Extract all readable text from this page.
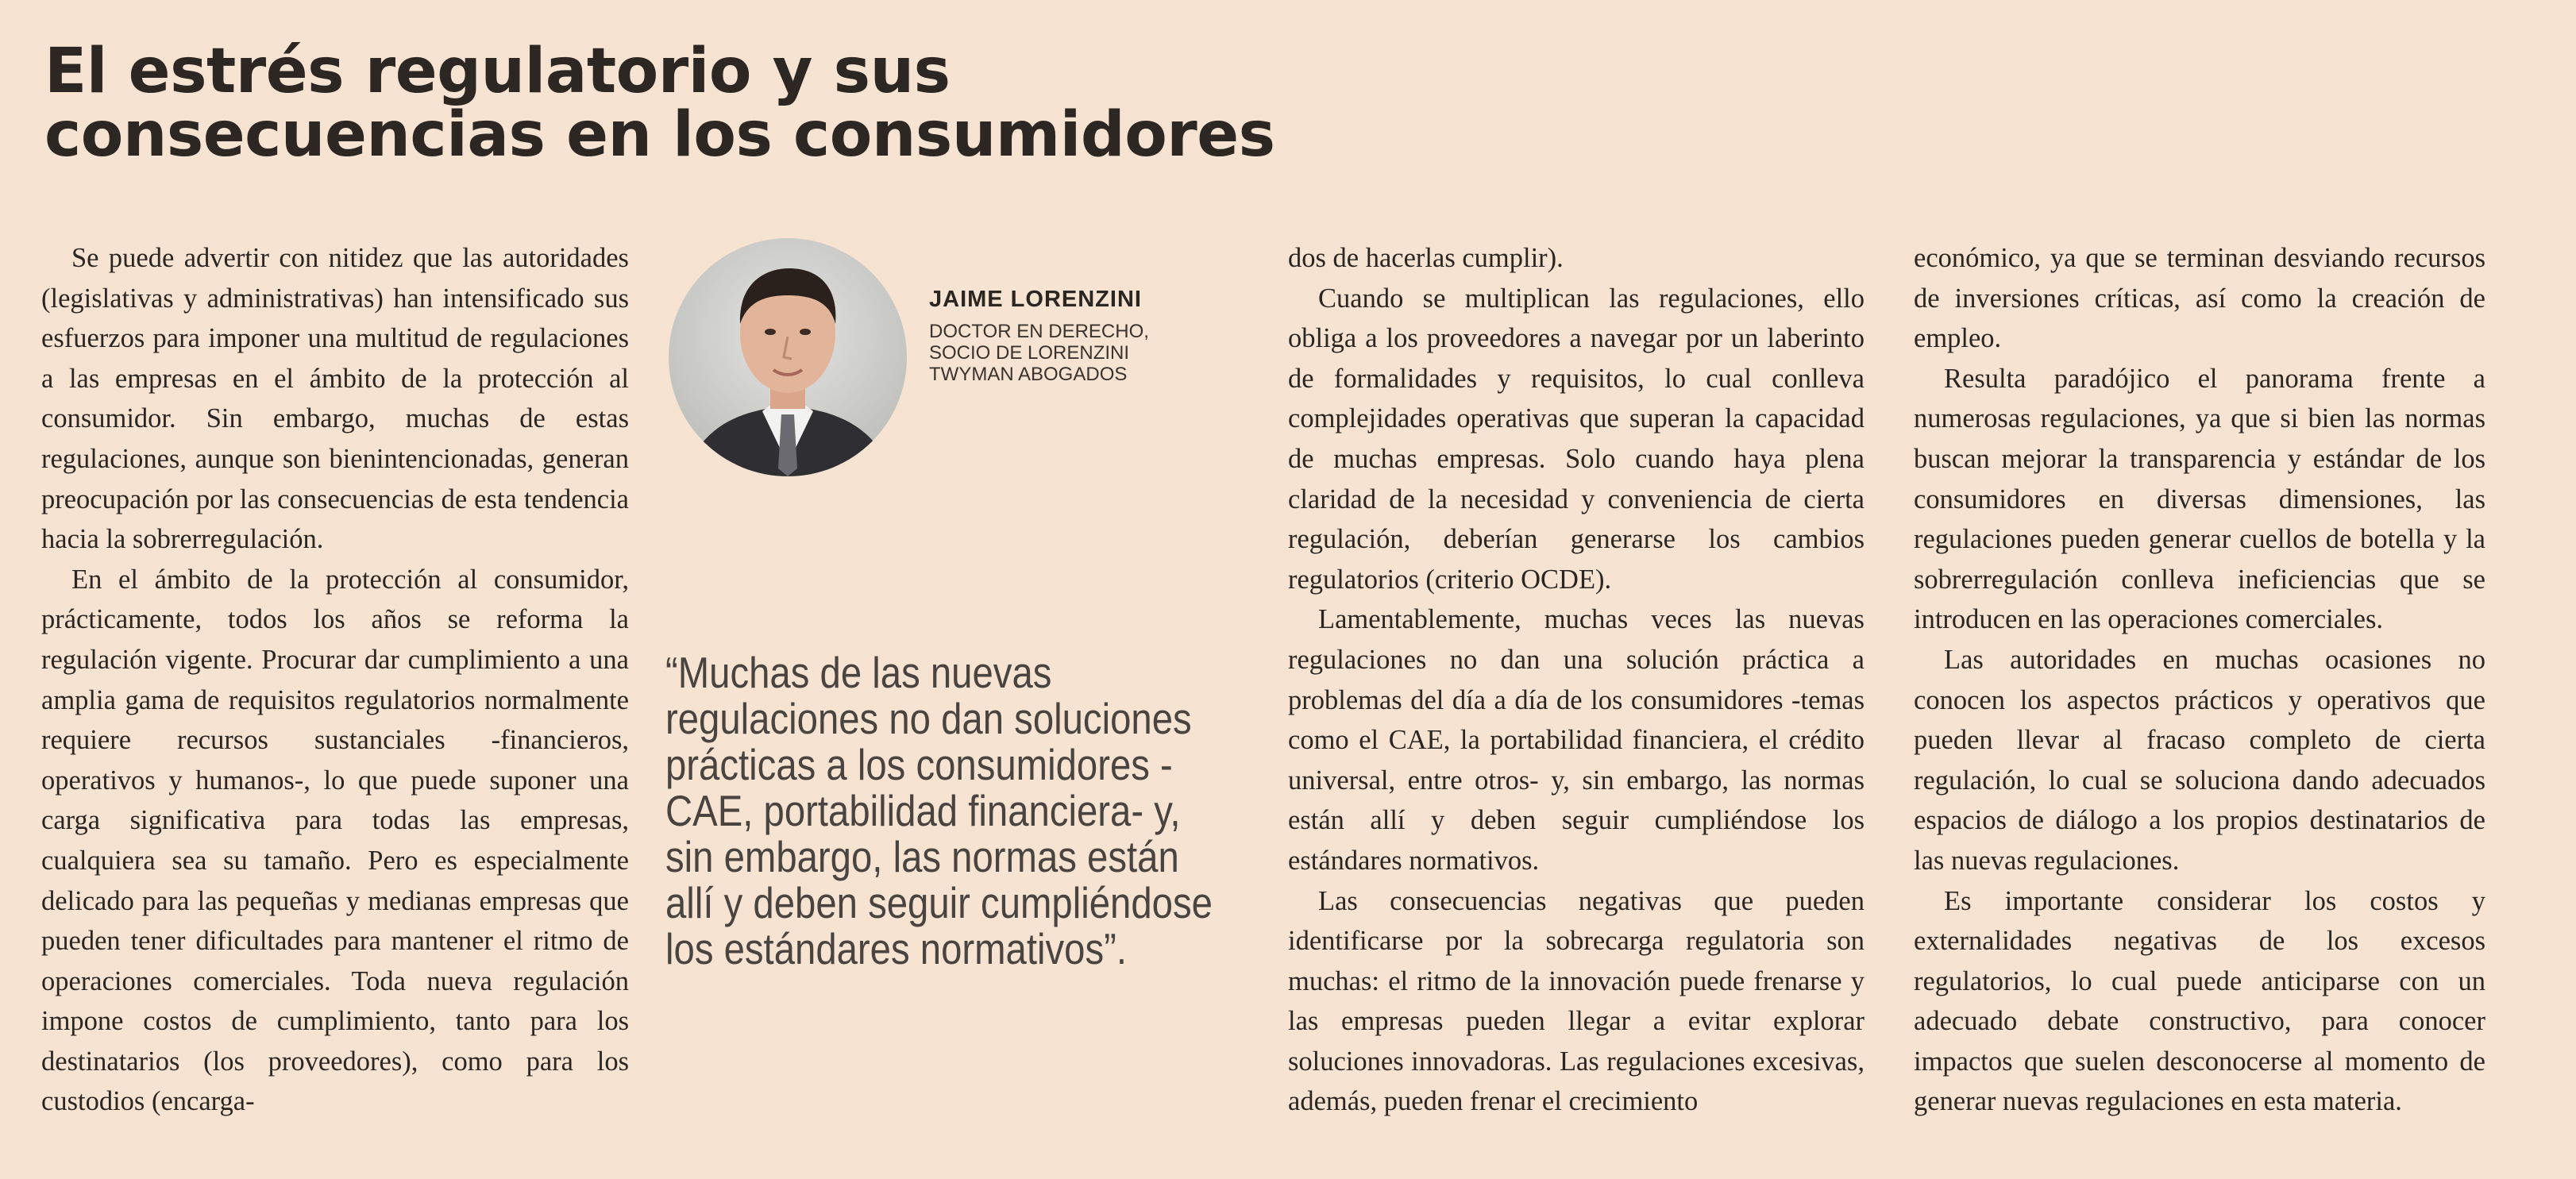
El estrés regulatorio y sus consecuencias en los consumidores

Se puede advertir con nitidez que las autoridades (legislativas y administrativas) han intensificado sus esfuerzos para imponer una multitud de regulaciones a las empresas en el ámbito de la protección al consumidor. Sin embargo, muchas de estas regulaciones, aunque son bienintencionadas, generan preocupación por las consecuencias de esta tendencia hacia la sobrerregulación.

En el ámbito de la protección al consumidor, prácticamente, todos los años se reforma la regulación vigente. Procurar dar cumplimiento a una amplia gama de requisitos regulatorios normalmente requiere recursos sustanciales -financieros, operativos y humanos-, lo que puede suponer una carga significativa para todas las empresas, cualquiera sea su tamaño. Pero es especialmente delicado para las pequeñas y medianas empresas que pueden tener dificultades para mantener el ritmo de operaciones comerciales. Toda nueva regulación impone costos de cumplimiento, tanto para los destinatarios (los proveedores), como para los custodios (encarga-

JAIME LORENZINI
DOCTOR EN DERECHO,
SOCIO DE LORENZINI
TWYMAN ABOGADOS

“Muchas de las nuevas regulaciones no dan soluciones prácticas a los consumidores -CAE, portabilidad financiera- y, sin embargo, las normas están allí y deben seguir cumpliéndose los estándares normativos”.

dos de hacerlas cumplir).

Cuando se multiplican las regulaciones, ello obliga a los proveedores a navegar por un laberinto de formalidades y requisitos, lo cual conlleva complejidades operativas que superan la capacidad de muchas empresas. Solo cuando haya plena claridad de la necesidad y conveniencia de cierta regulación, deberían generarse los cambios regulatorios (criterio OCDE).

Lamentablemente, muchas veces las nuevas regulaciones no dan una solución práctica a problemas del día a día de los consumidores -temas como el CAE, la portabilidad financiera, el crédito universal, entre otros- y, sin embargo, las normas están allí y deben seguir cumpliéndose los estándares normativos.

Las consecuencias negativas que pueden identificarse por la sobrecarga regulatoria son muchas: el ritmo de la innovación puede frenarse y las empresas pueden llegar a evitar explorar soluciones innovadoras. Las regulaciones excesivas, además, pueden frenar el crecimiento

económico, ya que se terminan desviando recursos de inversiones críticas, así como la creación de empleo.

Resulta paradójico el panorama frente a numerosas regulaciones, ya que si bien las normas buscan mejorar la transparencia y estándar de los consumidores en diversas dimensiones, las regulaciones pueden generar cuellos de botella y la sobrerregulación conlleva ineficiencias que se introducen en las operaciones comerciales.

Las autoridades en muchas ocasiones no conocen los aspectos prácticos y operativos que pueden llevar al fracaso completo de cierta regulación, lo cual se soluciona dando adecuados espacios de diálogo a los propios destinatarios de las nuevas regulaciones.

Es importante considerar los costos y externalidades negativas de los excesos regulatorios, lo cual puede anticiparse con un adecuado debate constructivo, para conocer impactos que suelen desconocerse al momento de generar nuevas regulaciones en esta materia.
